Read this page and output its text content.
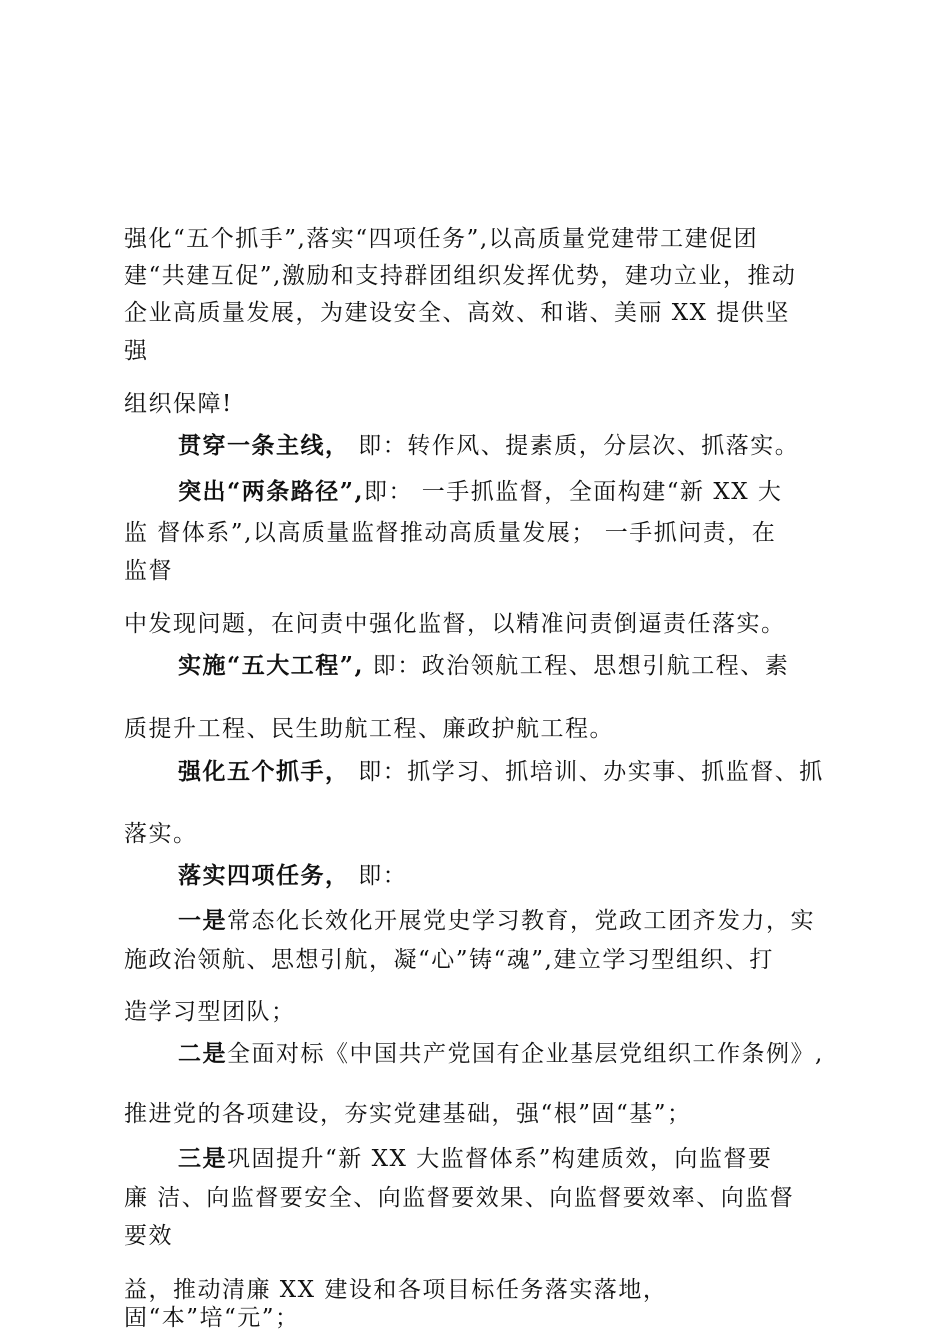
强化“五个抓手”,落实“四项任务”,以高质量党建带工建促团
建“共建互促”,激励和支持群团组织发挥优势，建功立业，推动
企业高质量发展，为建设安全、高效、和谐、美丽 XX 提供坚
强
组织保障!
贯穿一条主线， 即：转作风、提素质，分层次、抓落实。
突出“两条路径”,即： 一手抓监督，全面构建“新 XX 大
监 督体系”,以高质量监督推动高质量发展； 一手抓问责，在
监督
中发现问题，在问责中强化监督，以精准问责倒逼责任落实。
实施“五大工程”, 即：政治领航工程、思想引航工程、素
质提升工程、民生助航工程、廉政护航工程。
强化五个抓手， 即：抓学习、抓培训、办实事、抓监督、抓
落实。
落实四项任务， 即：
一是常态化长效化开展党史学习教育，党政工团齐发力，实
施政治领航、思想引航，凝“心”铸“魂”,建立学习型组织、打
造学习型团队；
二是全面对标《中国共产党国有企业基层党组织工作条例》,
推进党的各项建设，夯实党建基础，强“根”固“基”；
三是巩固提升“新 XX 大监督体系”构建质效，向监督要
廉 洁、向监督要安全、向监督要效果、向监督要效率、向监督
要效
益，推动清廉 XX 建设和各项目标任务落实落地，
固“本”培“元”；
